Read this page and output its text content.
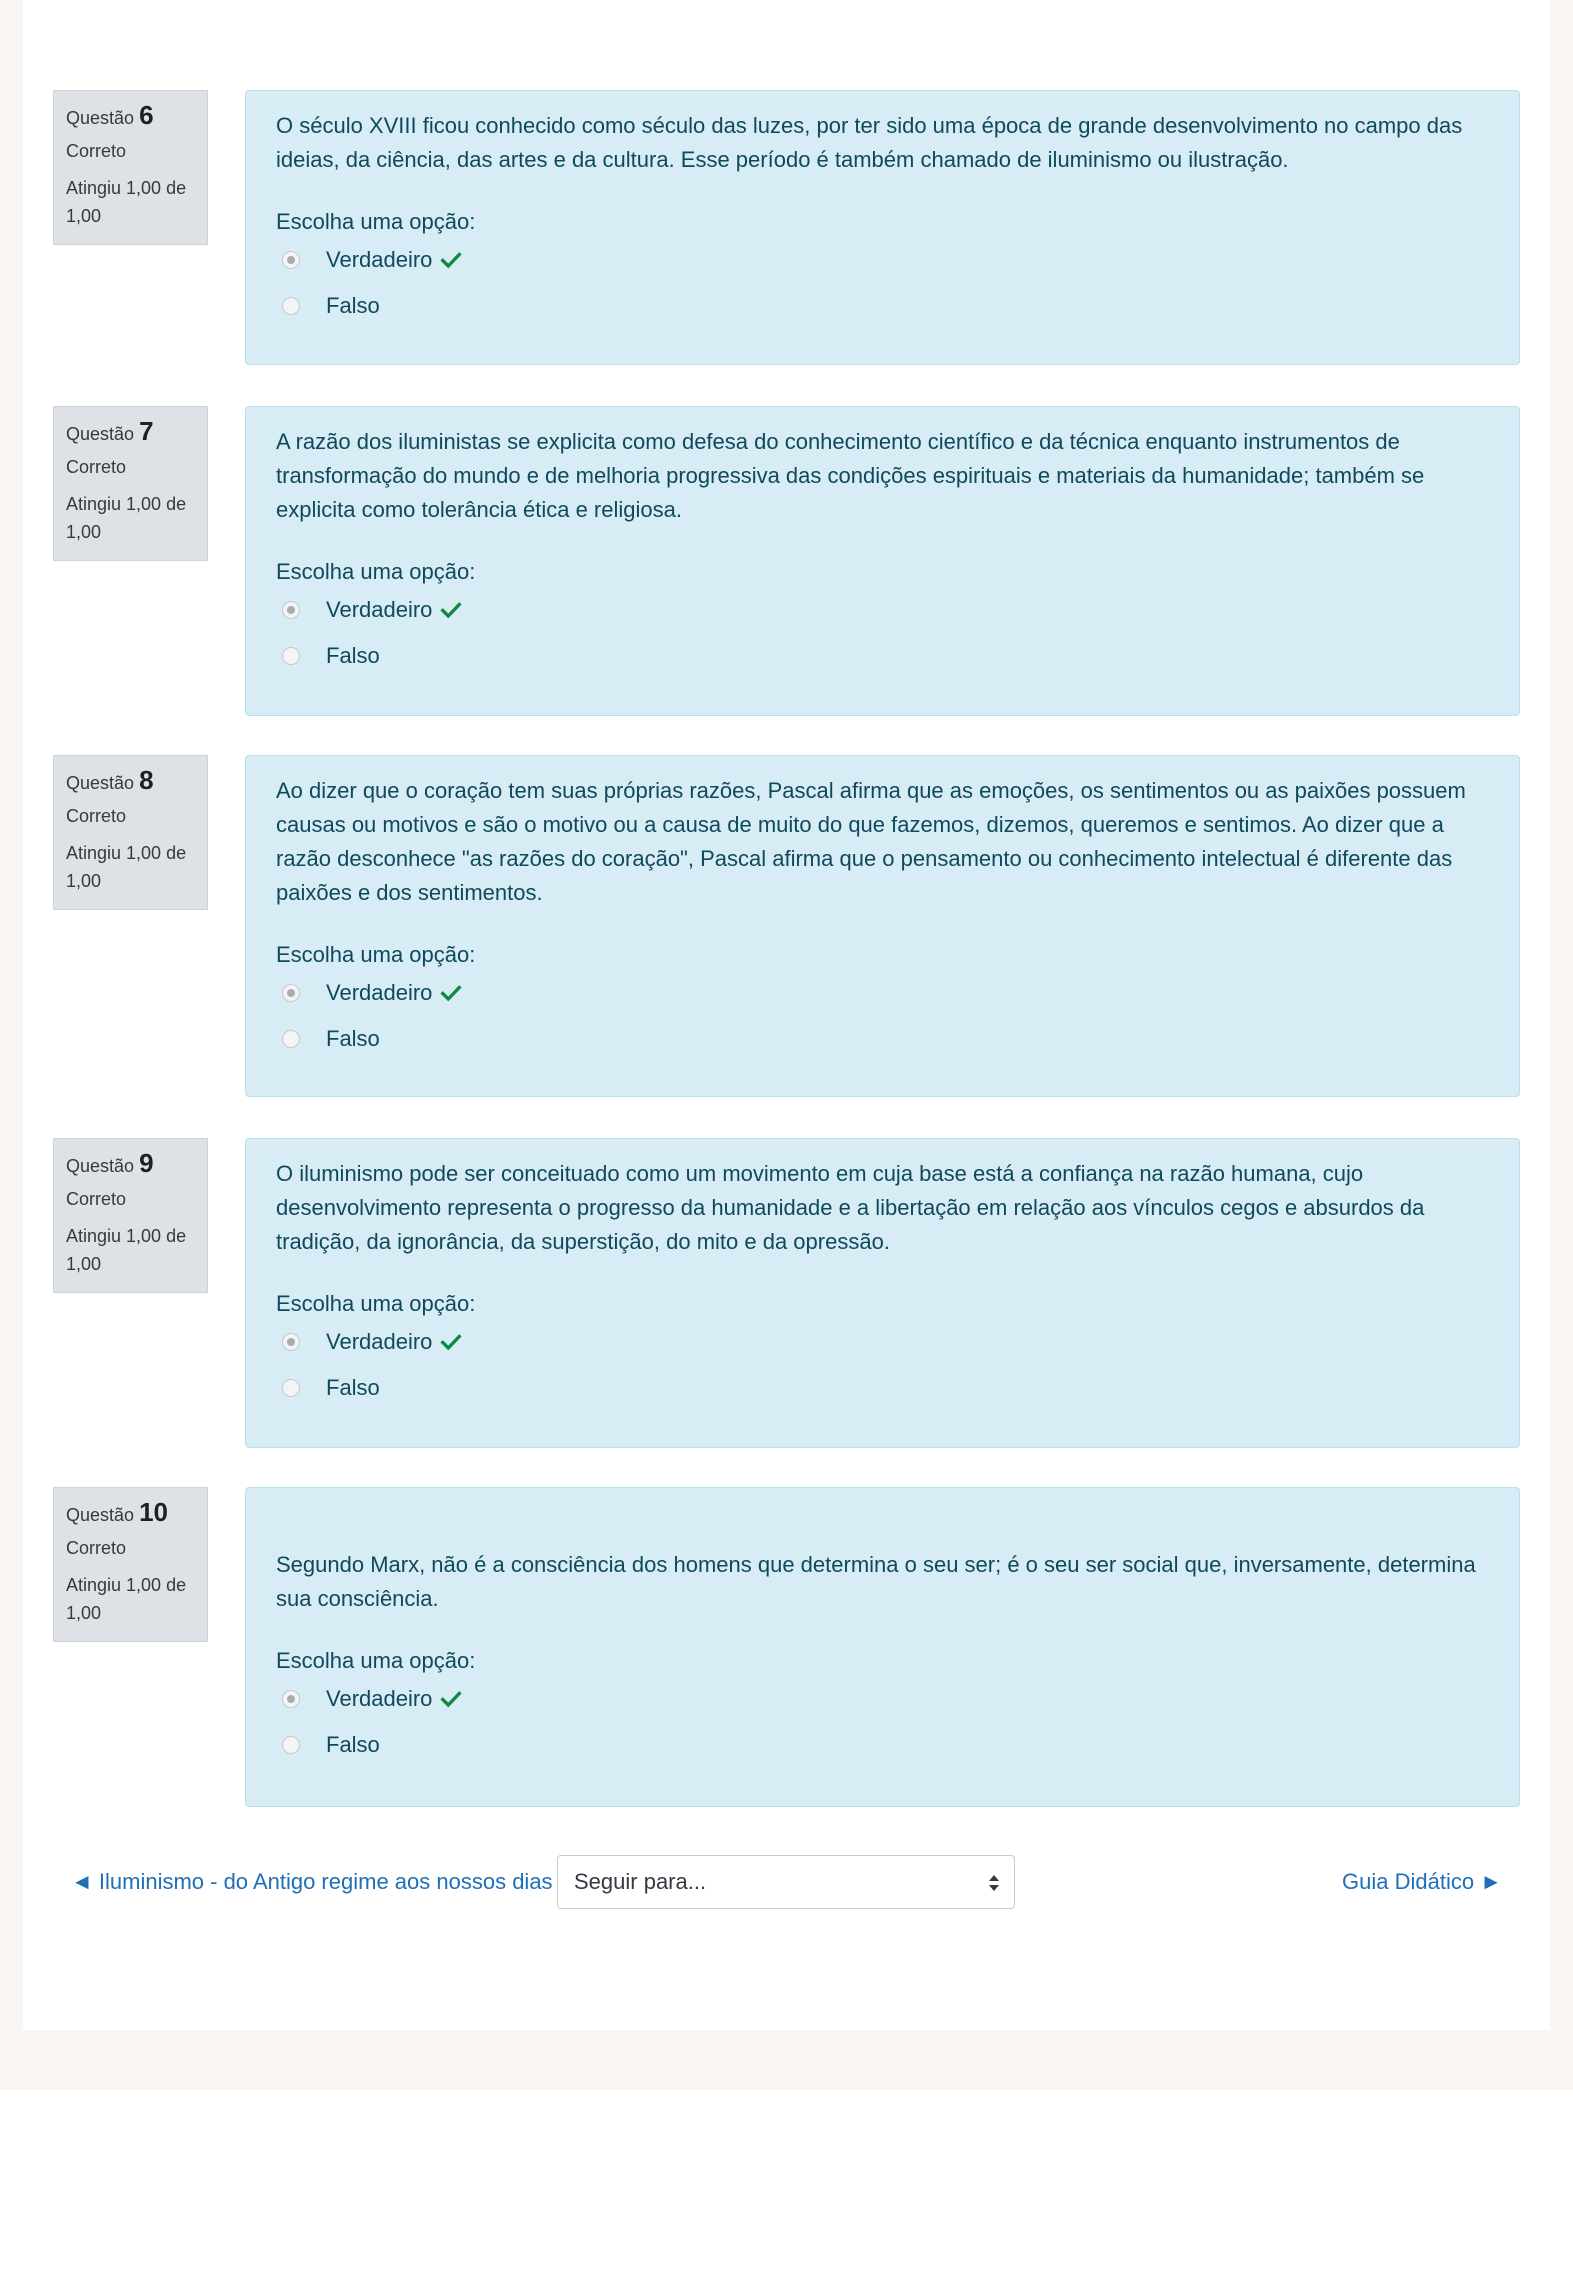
Questão 6
Correto
Atingiu 1,00 de 1,00

O século XVIII ficou conhecido como século das luzes, por ter sido uma época de grande desenvolvimento no campo das ideias, da ciência, das artes e da cultura. Esse período é também chamado de iluminismo ou ilustração.

Escolha uma opção:
Verdadeiro
Falso
Questão 7
Correto
Atingiu 1,00 de 1,00

A razão dos iluministas se explicita como defesa do conhecimento científico e da técnica enquanto instrumentos de transformação do mundo e de melhoria progressiva das condições espirituais e materiais da humanidade; também se explicita como tolerância ética e religiosa.

Escolha uma opção:
Verdadeiro
Falso
Questão 8
Correto
Atingiu 1,00 de 1,00

Ao dizer que o coração tem suas próprias razões, Pascal afirma que as emoções, os sentimentos ou as paixões possuem causas ou motivos e são o motivo ou a causa de muito do que fazemos, dizemos, queremos e sentimos. Ao dizer que a razão desconhece "as razões do coração", Pascal afirma que o pensamento ou conhecimento intelectual é diferente das paixões e dos sentimentos.

Escolha uma opção:
Verdadeiro
Falso
Questão 9
Correto
Atingiu 1,00 de 1,00

O iluminismo pode ser conceituado como um movimento em cuja base está a confiança na razão humana, cujo desenvolvimento representa o progresso da humanidade e a libertação em relação aos vínculos cegos e absurdos da tradição, da ignorância, da superstição, do mito e da opressão.

Escolha uma opção:
Verdadeiro
Falso
Questão 10
Correto
Atingiu 1,00 de 1,00

Segundo Marx, não é a consciência dos homens que determina o seu ser; é o seu ser social que, inversamente, determina sua consciência.

Escolha uma opção:
Verdadeiro
Falso
◄ Iluminismo - do Antigo regime aos nossos dias Seguir para...	Guia Didático ►
